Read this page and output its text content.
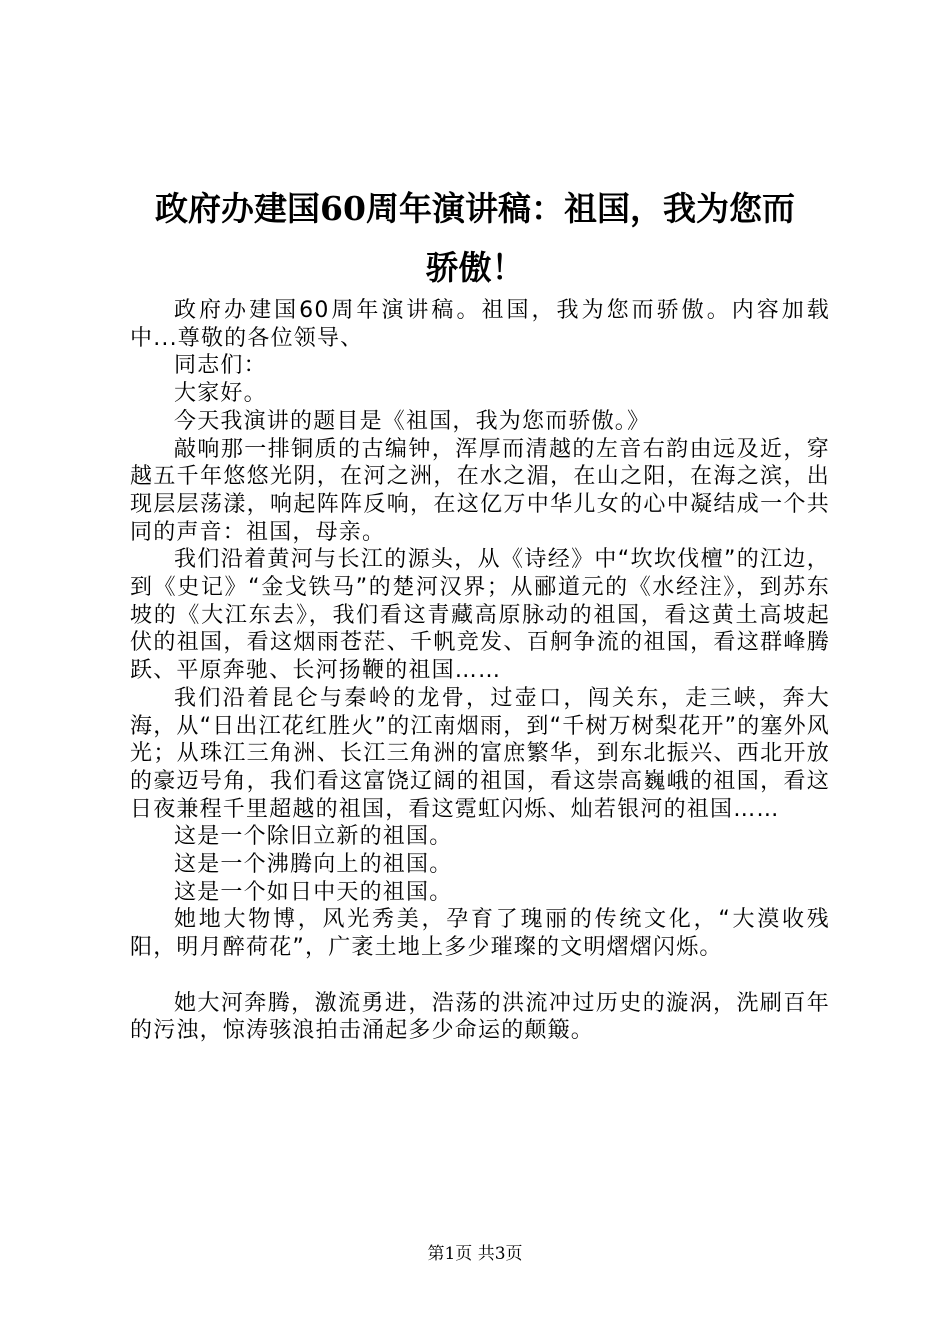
政府办建国60周年演讲稿：祖国，我为您而
骄傲！

政府办建国60周年演讲稿。祖国，我为您而骄傲。内容加载中...尊敬的各位领导、

同志们：

大家好。

今天我演讲的题目是《祖国，我为您而骄傲。》

敲响那一排铜质的古编钟，浑厚而清越的左音右韵由远及近，穿越五千年悠悠光阴，在河之洲，在水之湄，在山之阳，在海之滨，出现层层荡漾，响起阵阵反响，在这亿万中华儿女的心中凝结成一个共同的声音：祖国，母亲。

我们沿着黄河与长江的源头，从《诗经》中“坎坎伐檀”的江边，到《史记》“金戈铁马”的楚河汉界；从郦道元的《水经注》，到苏东坡的《大江东去》，我们看这青藏高原脉动的祖国，看这黄土高坡起伏的祖国，看这烟雨苍茫、千帆竞发、百舸争流的祖国，看这群峰腾跃、平原奔驰、长河扬鞭的祖国……

我们沿着昆仑与秦岭的龙骨，过壶口，闯关东，走三峡，奔大海，从“日出江花红胜火”的江南烟雨，到“千树万树梨花开”的塞外风光；从珠江三角洲、长江三角洲的富庶繁华，到东北振兴、西北开放的豪迈号角，我们看这富饶辽阔的祖国，看这崇高巍峨的祖国，看这日夜兼程千里超越的祖国，看这霓虹闪烁、灿若银河的祖国……

这是一个除旧立新的祖国。

这是一个沸腾向上的祖国。

这是一个如日中天的祖国。

她地大物博，风光秀美，孕育了瑰丽的传统文化，“大漠收残阳，明月醉荷花”，广袤土地上多少璀璨的文明熠熠闪烁。

她大河奔腾，激流勇进，浩荡的洪流冲过历史的漩涡，洗刷百年的污浊，惊涛骇浪拍击涌起多少命运的颠簸。

第1页 共3页
